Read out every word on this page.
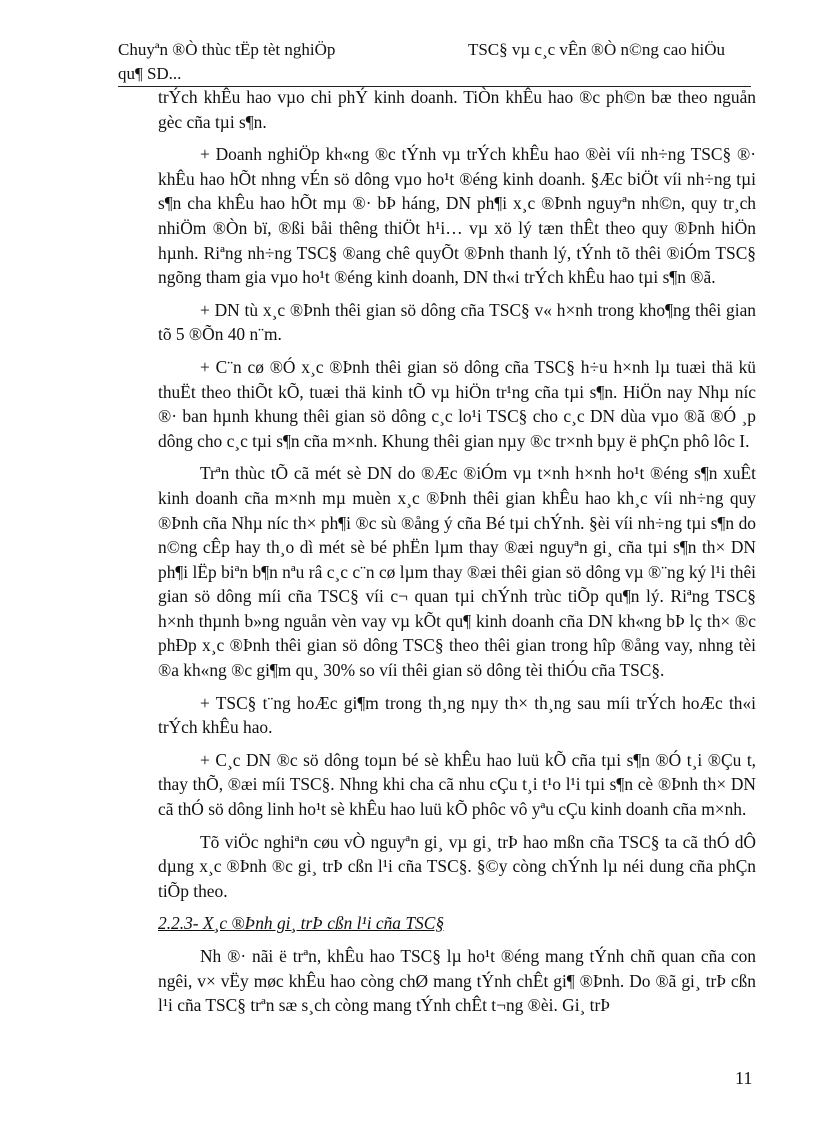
Chuyªn ®Ò thùc tËp tèt nghiÖp	TSC§ vµ c¸c vÊn ®Ò n©ng cao hiÖu
qu¶ SD...

trÝch khÊu hao vµo chi phÝ kinh doanh. TiÒn khÊu hao ®c ph©n bæ theo nguån gèc cña tµi s¶n.

+ Doanh nghiÖp kh«ng ®c tÝnh vµ trÝch khÊu hao ®èi víi nh÷ng TSC§ ®· khÊu hao hÕt nhng vÉn sö dông vµo ho¹t ®éng kinh doanh. §Æc biÖt víi nh÷ng tµi s¶n cha khÊu hao hÕt mµ ®· bÞ háng, DN ph¶i x¸c ®Þnh nguyªn nh©n, quy tr¸ch nhiÖm ®Òn bï, ®ßi båi thêng thiÖt h¹i… vµ xö lý tæn thÊt theo quy ®Þnh hiÖn hµnh. Riªng nh÷ng TSC§ ®ang chê quyÕt ®Þnh thanh lý, tÝnh tõ thêi ®iÓm TSC§ ngõng tham gia vµo ho¹t ®éng kinh doanh, DN th«i trÝch khÊu hao tµi s¶n ®ã.

+ DN tù x¸c ®Þnh thêi gian sö dông cña TSC§ v« h×nh trong kho¶ng thêi gian tõ 5 ®Õn 40 n¨m.

+ C¨n cø ®Ó x¸c ®Þnh thêi gian sö dông cña TSC§ h÷u h×nh lµ tuæi thä kü thuËt theo thiÕt kÕ, tuæi thä kinh tÕ vµ hiÖn tr¹ng cña tµi s¶n. HiÖn nay Nhµ níc ®· ban hµnh khung thêi gian sö dông c¸c lo¹i TSC§ cho c¸c DN dùa vµo ®ã ®Ó ¸p dông cho c¸c tµi s¶n cña m×nh. Khung thêi gian nµy ®c tr×nh bµy ë phÇn phô lôc I.

Trªn thùc tÕ cã mét sè DN do ®Æc ®iÓm vµ t×nh h×nh ho¹t ®éng s¶n xuÊt kinh doanh cña m×nh mµ muèn x¸c ®Þnh thêi gian khÊu hao kh¸c víi nh÷ng quy ®Þnh cña Nhµ níc th× ph¶i ®c sù ®ång ý cña Bé tµi chÝnh. §èi víi nh÷ng tµi s¶n do n©ng cÊp hay th¸o dì mét sè bé phËn lµm thay ®æi nguyªn gi¸ cña tµi s¶n th× DN ph¶i lËp biªn b¶n nªu râ c¸c c¨n cø lµm thay ®æi thêi gian sö dông vµ ®¨ng ký l¹i thêi gian sö dông míi cña TSC§ víi c¬ quan tµi chÝnh trùc tiÕp qu¶n lý. Riªng TSC§ h×nh thµnh b»ng nguån vèn vay vµ kÕt qu¶ kinh doanh cña DN kh«ng bÞ lç th× ®c phÐp x¸c ®Þnh thêi gian sö dông TSC§ theo thêi gian trong hîp ®ång vay, nhng tèi ®a kh«ng ®c gi¶m qu¸ 30% so víi thêi gian sö dông tèi thiÓu cña TSC§.

+ TSC§ t¨ng hoÆc gi¶m trong th¸ng nµy th× th¸ng sau míi trÝch hoÆc th«i trÝch khÊu hao.

+ C¸c DN ®c sö dông toµn bé sè khÊu hao luü kÕ cña tµi s¶n ®Ó t¸i ®Çu t, thay thÕ, ®æi míi TSC§. Nhng khi cha cã nhu cÇu t¸i t¹o l¹i tµi s¶n cè ®Þnh th× DN cã thÓ sö dông linh ho¹t sè khÊu hao luü kÕ phôc vô yªu cÇu kinh doanh cña m×nh.

Tõ viÖc nghiªn cøu vÒ nguyªn gi¸ vµ gi¸ trÞ hao mßn cña TSC§ ta cã thÓ dÔ dµng x¸c ®Þnh ®c gi¸ trÞ cßn l¹i cña TSC§. §©y còng chÝnh lµ néi dung cña phÇn tiÕp theo.

2.2.3- X¸c ®Þnh gi¸ trÞ cßn l¹i cña TSC§

Nh ®· nãi ë trªn, khÊu hao TSC§ lµ ho¹t ®éng mang tÝnh chñ quan cña con ngêi, v× vËy møc khÊu hao còng chØ mang tÝnh chÊt gi¶ ®Þnh. Do ®ã gi¸ trÞ cßn l¹i cña TSC§ trªn sæ s¸ch còng mang tÝnh chÊt t¬ng ®èi. Gi¸ trÞ

11
